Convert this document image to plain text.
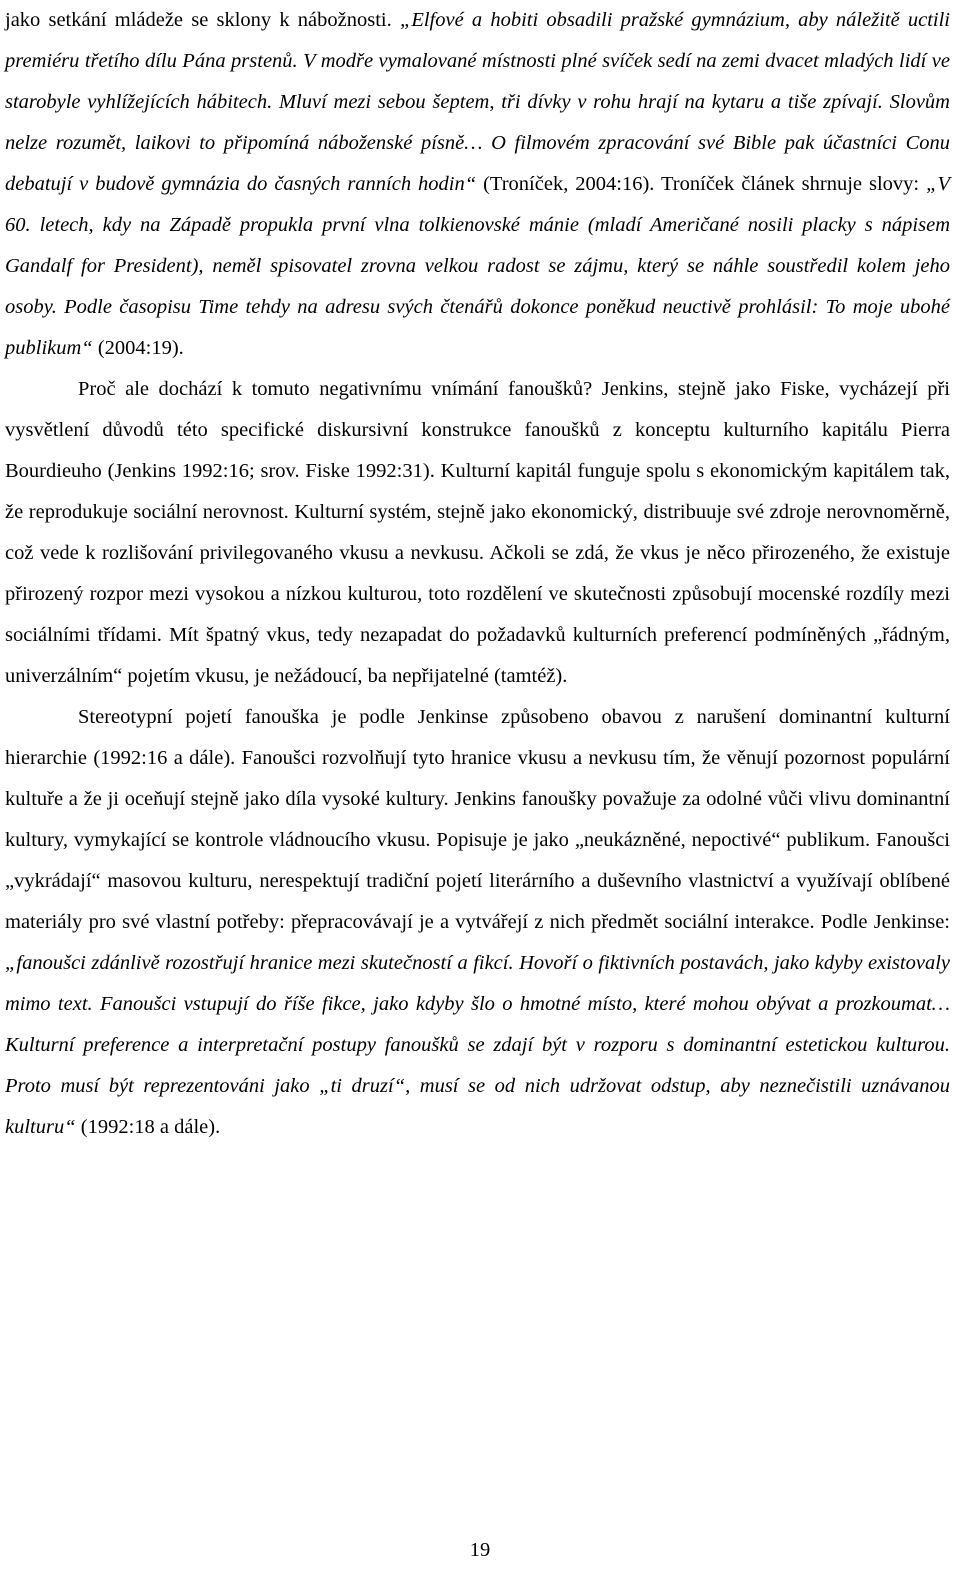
jako setkání mládeže se sklony k nábožnosti. „Elfové a hobiti obsadili pražské gymnázium, aby náležitě uctili premiéru třetího dílu Pána prstenů. V modře vymalované místnosti plné svíček sedí na zemi dvacet mladých lidí ve starobyle vyhlížejících hábitech. Mluví mezi sebou šeptem, tři dívky v rohu hrají na kytaru a tiše zpívají. Slovům nelze rozumět, laikovi to připomíná náboženské písně… O filmovém zpracování své Bible pak účastníci Conu debatují v budově gymnázia do časných ranních hodin“ (Troníček, 2004:16). Troníček článek shrnuje slovy: „V 60. letech, kdy na Západě propukla první vlna tolkienovské mánie (mladí Američané nosili placky s nápisem Gandalf for President), neměl spisovatel zrovna velkou radost se zájmu, který se náhle soustředil kolem jeho osoby. Podle časopisu Time tehdy na adresu svých čtenářů dokonce poněkud neuctivě prohlásil: To moje ubohé publikum“ (2004:19).

Proč ale dochází k tomuto negativnímu vnímání fanoušků? Jenkins, stejně jako Fiske, vycházejí při vysvětlení důvodů této specifické diskursivní konstrukce fanoušků z konceptu kulturního kapitálu Pierra Bourdieuho (Jenkins 1992:16; srov. Fiske 1992:31). Kulturní kapitál funguje spolu s ekonomickým kapitálem tak, že reprodukuje sociální nerovnost. Kulturní systém, stejně jako ekonomický, distribuuje své zdroje nerovnoměrně, což vede k rozlišování privilegovaného vkusu a nevkusu. Ačkoli se zdá, že vkus je něco přirozeného, že existuje přirozený rozpor mezi vysokou a nízkou kulturou, toto rozdělení ve skutečnosti způsobují mocenské rozdíly mezi sociálními třídami. Mít špatný vkus, tedy nezapadat do požadavků kulturních preferencí podmíněných „řádným, univerzálním“ pojetím vkusu, je nežádoucí, ba nepřijatelné (tamtéž).

Stereotypní pojetí fanouška je podle Jenkinse způsobeno obavou z narušení dominantní kulturní hierarchie (1992:16 a dále). Fanoušci rozvolňují tyto hranice vkusu a nevkusu tím, že věnují pozornost populární kultuře a že ji oceňují stejně jako díla vysoké kultury. Jenkins fanoušky považuje za odolné vůči vlivu dominantní kultury, vymykající se kontrole vládnoucího vkusu. Popisuje je jako „neukázněné, nepoctivé“ publikum. Fanoušci „vykrádají“ masovou kulturu, nerespektují tradiční pojetí literárního a duševního vlastnictví a využívají oblíbené materiály pro své vlastní potřeby: přepracovávají je a vytvářejí z nich předmět sociální interakce. Podle Jenkinse: „fanoušci zdánlivě rozostřují hranice mezi skutečností a fikcí. Hovoří o fiktivních postavách, jako kdyby existovaly mimo text. Fanoušci vstupují do říše fikce, jako kdyby šlo o hmotné místo, které mohou obývat a prozkoumat… Kulturní preference a interpretační postupy fanoušků se zdají být v rozporu s dominantní estetickou kulturou. Proto musí být reprezentováni jako „ti druzí“, musí se od nich udržovat odstup, aby neznečistili uznávanou kulturu“ (1992:18 a dále).

19
